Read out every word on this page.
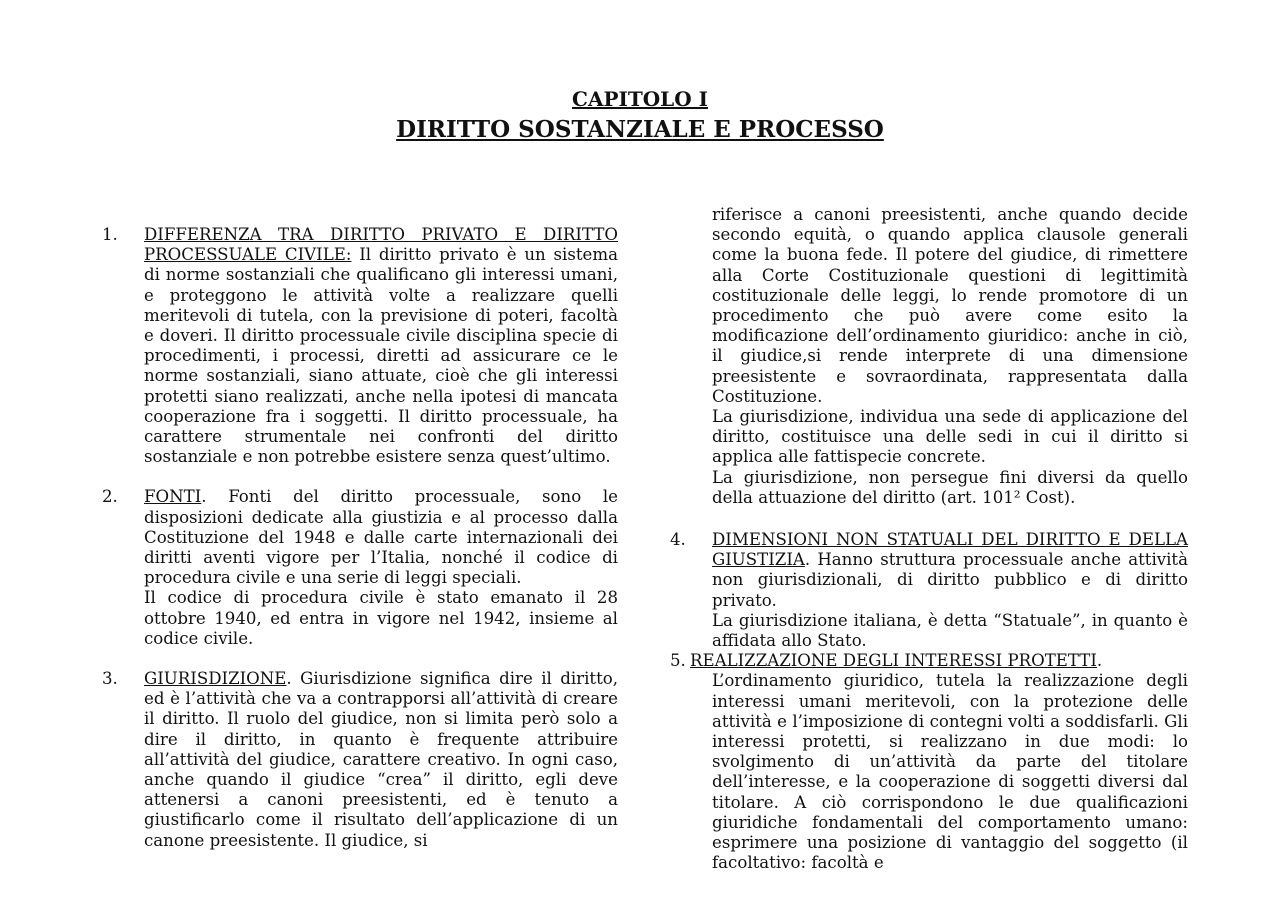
CAPITOLO I
DIRITTO SOSTANZIALE E PROCESSO
1. DIFFERENZA TRA DIRITTO PRIVATO E DIRITTO PROCESSUALE CIVILE: Il diritto privato è un sistema di norme sostanziali che qualificano gli interessi umani, e proteggono le attività volte a realizzare quelli meritevoli di tutela, con la previsione di poteri, facoltà e doveri. Il diritto processuale civile disciplina specie di procedimenti, i processi, diretti ad assicurare ce le norme sostanziali, siano attuate, cioè che gli interessi protetti siano realizzati, anche nella ipotesi di mancata cooperazione fra i soggetti. Il diritto processuale, ha carattere strumentale nei confronti del diritto sostanziale e non potrebbe esistere senza quest’ultimo.

2. FONTI. Fonti del diritto processuale, sono le disposizioni dedicate alla giustizia e al processo dalla Costituzione del 1948 e dalle carte internazionali dei diritti aventi vigore per l’Italia, nonché il codice di procedura civile e una serie di leggi speciali.

Il codice di procedura civile è stato emanato il 28 ottobre 1940, ed entra in vigore nel 1942, insieme al codice civile.

3. GIURISDIZIONE. Giurisdizione significa dire il diritto, ed è l’attività che va a contrapporsi all’attività di creare il diritto. Il ruolo del giudice, non si limita però solo a dire il diritto, in quanto è frequente attribuire all’attività del giudice, carattere creativo. In ogni caso, anche quando il giudice “crea” il diritto, egli deve attenersi a canoni preesistenti, ed è tenuto a giustificarlo come il risultato dell’applicazione di un canone preesistente. Il giudice, si

riferisce a canoni preesistenti, anche quando decide secondo equità, o quando applica clausole generali come la buona fede. Il potere del giudice, di rimettere alla Corte Costituzionale questioni di legittimità costituzionale delle leggi, lo rende promotore di un procedimento che può avere come esito la modificazione dell’ordinamento giuridico: anche in ciò, il giudice,si rende interprete di una dimensione preesistente e sovraordinata, rappresentata dalla Costituzione.

La giurisdizione, individua una sede di applicazione del diritto, costituisce una delle sedi in cui il diritto si applica alle fattispecie concrete.

La giurisdizione, non persegue fini diversi da quello della attuazione del diritto (art. 101² Cost).

4. DIMENSIONI NON STATUALI DEL DIRITTO E DELLA GIUSTIZIA. Hanno struttura processuale anche attività non giurisdizionali, di diritto pubblico e di diritto privato.

La giurisdizione italiana, è detta “Statuale”, in quanto è affidata allo Stato.

5. REALIZZAZIONE DEGLI INTERESSI PROTETTI.

L’ordinamento giuridico, tutela la realizzazione degli interessi umani meritevoli, con la protezione delle attività e l’imposizione di contegni volti a soddisfarli. Gli interessi protetti, si realizzano in due modi: lo svolgimento di un’attività da parte del titolare dell’interesse, e la cooperazione di soggetti diversi dal titolare. A ciò corrispondono le due qualificazioni giuridiche fondamentali del comportamento umano: esprimere una posizione di vantaggio del soggetto (il facoltativo: facoltà e
